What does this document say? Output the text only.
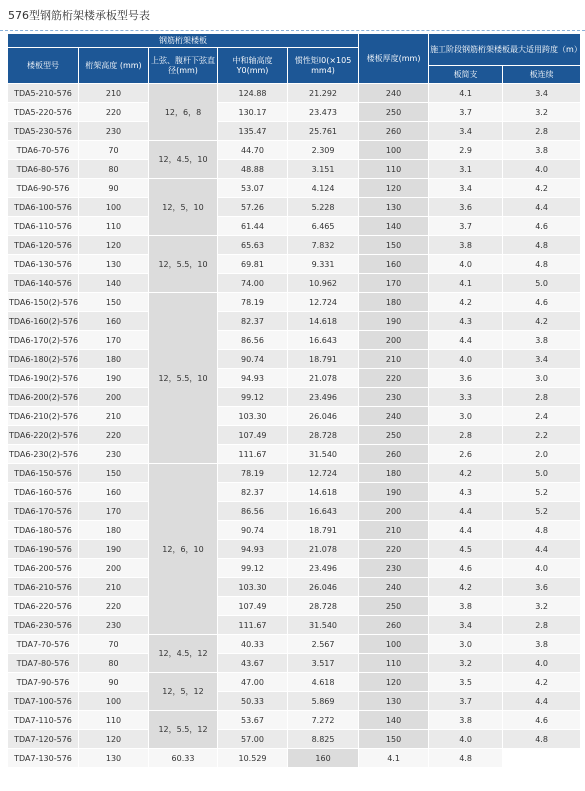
576型钢筋桁架楼承板型号表
钢筋桁架楼板					楼板厚度(mm)	施工阶段钢筋桁架楼板最大适用跨度（m）	
楼板型号	桁架高度 (mm)	上弦、腹杆下弦直径(mm)	中和轴高度Y0(mm)	惯性矩I0(×105 mm4)			
						板简支	板连续
TDA5-210-576	210	12，6，8	124.88	21.292	240	4.1	3.4
TDA5-220-576	220		130.17	23.473	250	3.7	3.2
TDA5-230-576	230		135.47	25.761	260	3.4	2.8
TDA6-70-576	70	12，4.5，10	44.70	2.309	100	2.9	3.8
TDA6-80-576	80		48.88	3.151	110	3.1	4.0
TDA6-90-576	90	12，5，10	53.07	4.124	120	3.4	4.2
TDA6-100-576	100		57.26	5.228	130	3.6	4.4
TDA6-110-576	110		61.44	6.465	140	3.7	4.6
TDA6-120-576	120	12，5.5，10	65.63	7.832	150	3.8	4.8
TDA6-130-576	130		69.81	9.331	160	4.0	4.8
TDA6-140-576	140		74.00	10.962	170	4.1	5.0
TDA6-150(2)-576	150	12，5.5，10	78.19	12.724	180	4.2	4.6
TDA6-160(2)-576	160		82.37	14.618	190	4.3	4.2
TDA6-170(2)-576	170		86.56	16.643	200	4.4	3.8
TDA6-180(2)-576	180		90.74	18.791	210	4.0	3.4
TDA6-190(2)-576	190		94.93	21.078	220	3.6	3.0
TDA6-200(2)-576	200		99.12	23.496	230	3.3	2.8
TDA6-210(2)-576	210		103.30	26.046	240	3.0	2.4
TDA6-220(2)-576	220		107.49	28.728	250	2.8	2.2
TDA6-230(2)-576	230		111.67	31.540	260	2.6	2.0
TDA6-150-576	150	12，6，10	78.19	12.724	180	4.2	5.0
TDA6-160-576	160		82.37	14.618	190	4.3	5.2
TDA6-170-576	170		86.56	16.643	200	4.4	5.2
TDA6-180-576	180		90.74	18.791	210	4.4	4.8
TDA6-190-576	190		94.93	21.078	220	4.5	4.4
TDA6-200-576	200		99.12	23.496	230	4.6	4.0
TDA6-210-576	210		103.30	26.046	240	4.2	3.6
TDA6-220-576	220		107.49	28.728	250	3.8	3.2
TDA6-230-576	230		111.67	31.540	260	3.4	2.8
TDA7-70-576	70	12，4.5，12	40.33	2.567	100	3.0	3.8
TDA7-80-576	80		43.67	3.517	110	3.2	4.0
TDA7-90-576	90	12，5，12	47.00	4.618	120	3.5	4.2
TDA7-100-576	100		50.33	5.869	130	3.7	4.4
TDA7-110-576	110	12，5.5，12	53.67	7.272	140	3.8	4.6
TDA7-120-576	120		57.00	8.825	150	4.0	4.8
TDA7-130-576	130	60.33	10.529	160	4.1	4.8	
